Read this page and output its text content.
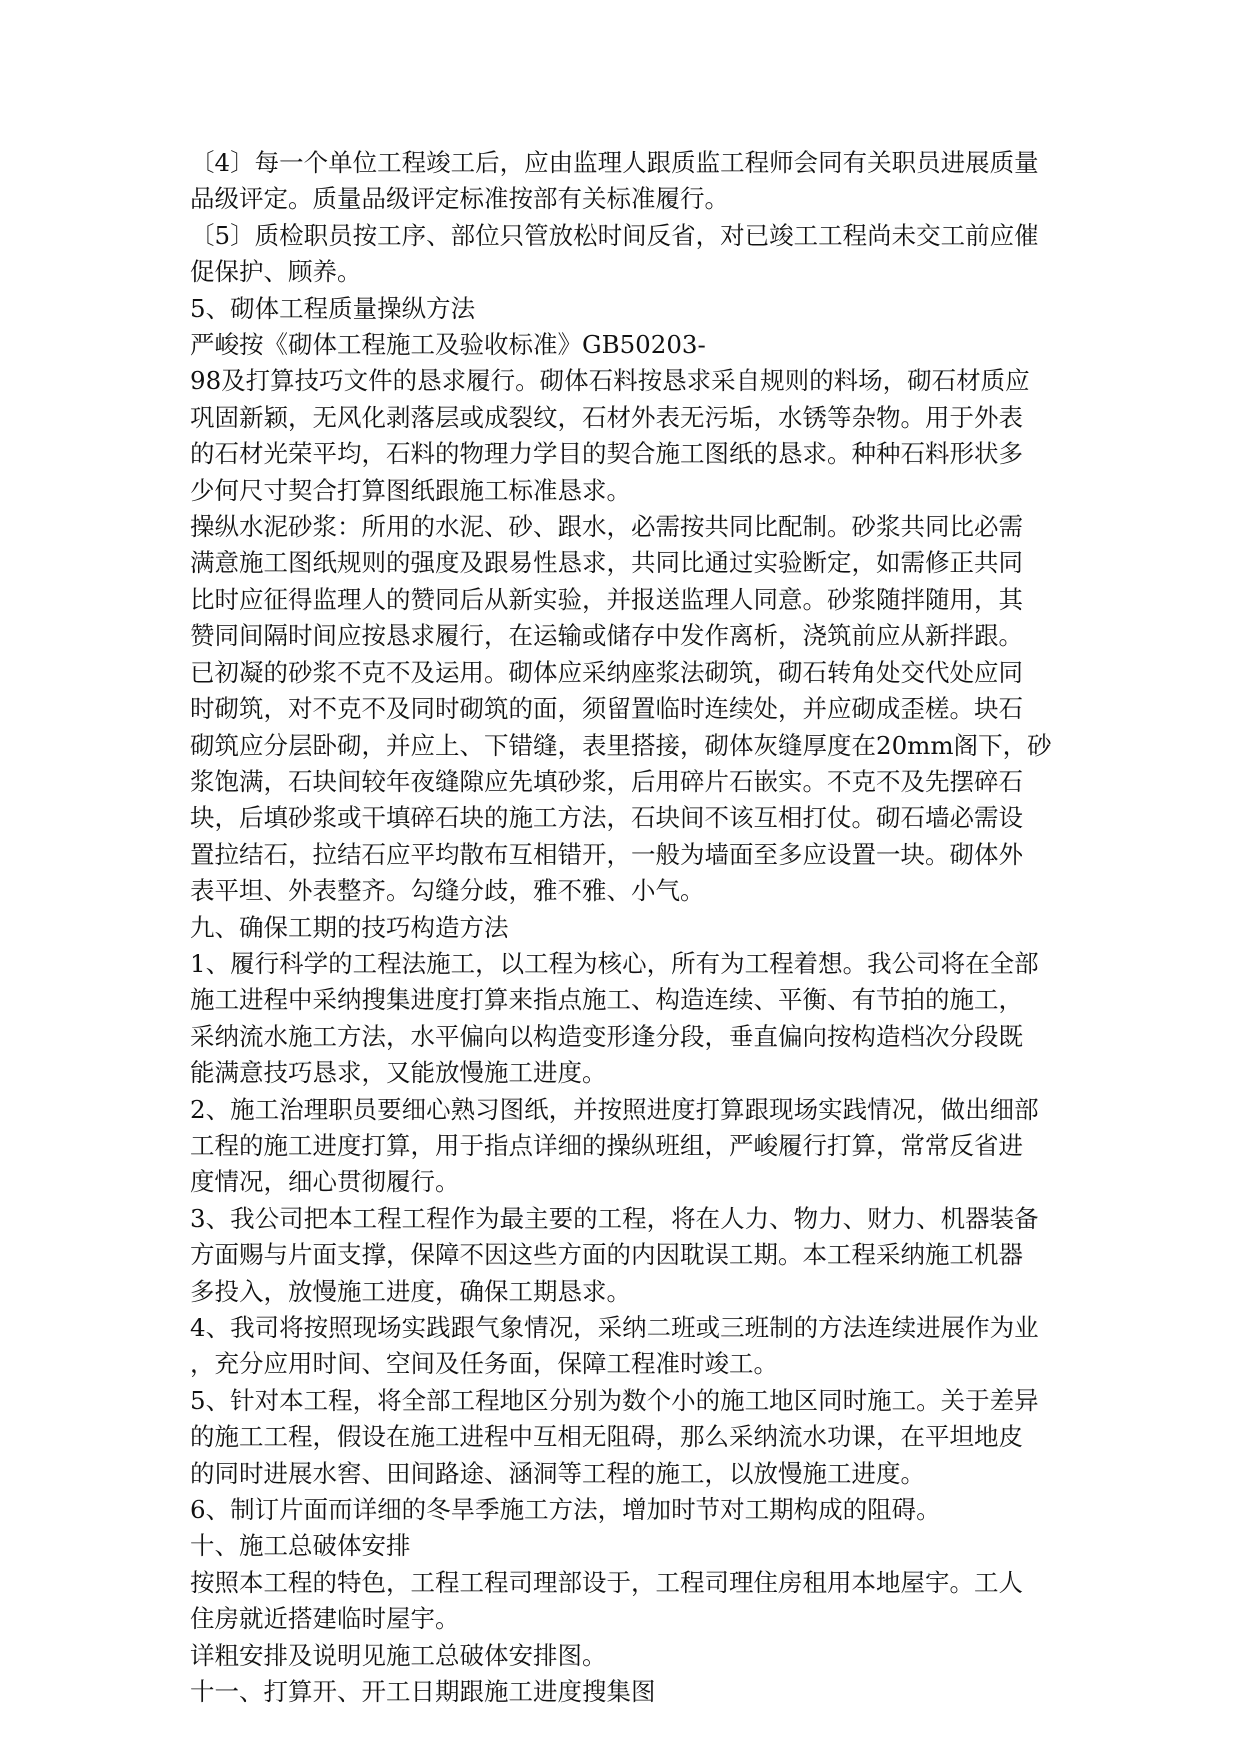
〔4〕每一个单位工程竣工后，应由监理人跟质监工程师会同有关职员进展质量
品级评定。质量品级评定标准按部有关标准履行。
〔5〕质检职员按工序、部位只管放松时间反省，对已竣工工程尚未交工前应催
促保护、顾养。
5、砌体工程质量操纵方法
严峻按《砌体工程施工及验收标准》GB50203-
98及打算技巧文件的恳求履行。砌体石料按恳求采自规则的料场，砌石材质应
巩固新颖，无风化剥落层或成裂纹，石材外表无污垢，水锈等杂物。用于外表
的石材光荣平均，石料的物理力学目的契合施工图纸的恳求。种种石料形状多
少何尺寸契合打算图纸跟施工标准恳求。
操纵水泥砂浆：所用的水泥、砂、跟水，必需按共同比配制。砂浆共同比必需
满意施工图纸规则的强度及跟易性恳求，共同比通过实验断定，如需修正共同
比时应征得监理人的赞同后从新实验，并报送监理人同意。砂浆随拌随用，其
赞同间隔时间应按恳求履行，在运输或储存中发作离析，浇筑前应从新拌跟。
已初凝的砂浆不克不及运用。砌体应采纳座浆法砌筑，砌石转角处交代处应同
时砌筑，对不克不及同时砌筑的面，须留置临时连续处，并应砌成歪槎。块石
砌筑应分层卧砌，并应上、下错缝，表里搭接，砌体灰缝厚度在20mm阁下，砂
浆饱满，石块间较年夜缝隙应先填砂浆，后用碎片石嵌实。不克不及先摆碎石
块，后填砂浆或干填碎石块的施工方法，石块间不该互相打仗。砌石墙必需设
置拉结石，拉结石应平均散布互相错开，一般为墙面至多应设置一块。砌体外
表平坦、外表整齐。勾缝分歧，雅不雅、小气。
九、确保工期的技巧构造方法
1、履行科学的工程法施工，以工程为核心，所有为工程着想。我公司将在全部
施工进程中采纳搜集进度打算来指点施工、构造连续、平衡、有节拍的施工，
采纳流水施工方法，水平偏向以构造变形逢分段，垂直偏向按构造档次分段既
能满意技巧恳求，又能放慢施工进度。
2、施工治理职员要细心熟习图纸，并按照进度打算跟现场实践情况，做出细部
工程的施工进度打算，用于指点详细的操纵班组，严峻履行打算，常常反省进
度情况，细心贯彻履行。
3、我公司把本工程工程作为最主要的工程，将在人力、物力、财力、机器装备
方面赐与片面支撑，保障不因这些方面的内因耽误工期。本工程采纳施工机器
多投入，放慢施工进度，确保工期恳求。
4、我司将按照现场实践跟气象情况，采纳二班或三班制的方法连续进展作为业
，充分应用时间、空间及任务面，保障工程准时竣工。
5、针对本工程，将全部工程地区分别为数个小的施工地区同时施工。关于差异
的施工工程，假设在施工进程中互相无阻碍，那么采纳流水功课，在平坦地皮
的同时进展水窖、田间路途、涵洞等工程的施工，以放慢施工进度。
6、制订片面而详细的冬旱季施工方法，增加时节对工期构成的阻碍。
十、施工总破体安排
按照本工程的特色，工程工程司理部设于，工程司理住房租用本地屋宇。工人
住房就近搭建临时屋宇。
详粗安排及说明见施工总破体安排图。
十一、打算开、开工日期跟施工进度搜集图
